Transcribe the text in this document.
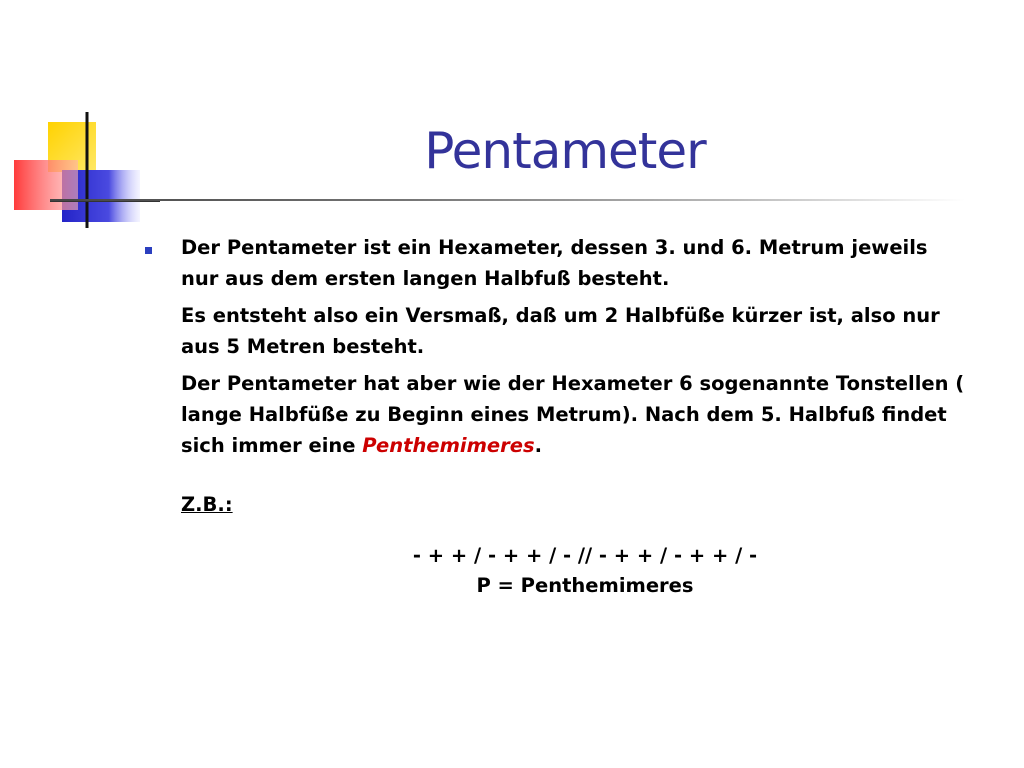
Pentameter
Der Pentameter ist ein Hexameter, dessen 3. und 6. Metrum jeweils nur aus dem ersten langen Halbfuß besteht.
Es entsteht also ein Versmaß, daß um 2 Halbfüße kürzer ist, also nur aus 5 Metren besteht.
Der Pentameter hat aber wie der Hexameter 6 sogenannte Tonstellen ( lange Halbfüße zu Beginn eines Metrum). Nach dem 5. Halbfuß findet sich immer eine Penthemimeres.
Z.B.:
- + + / - + + / - // - + + / - + + / -
P = Penthemimeres
